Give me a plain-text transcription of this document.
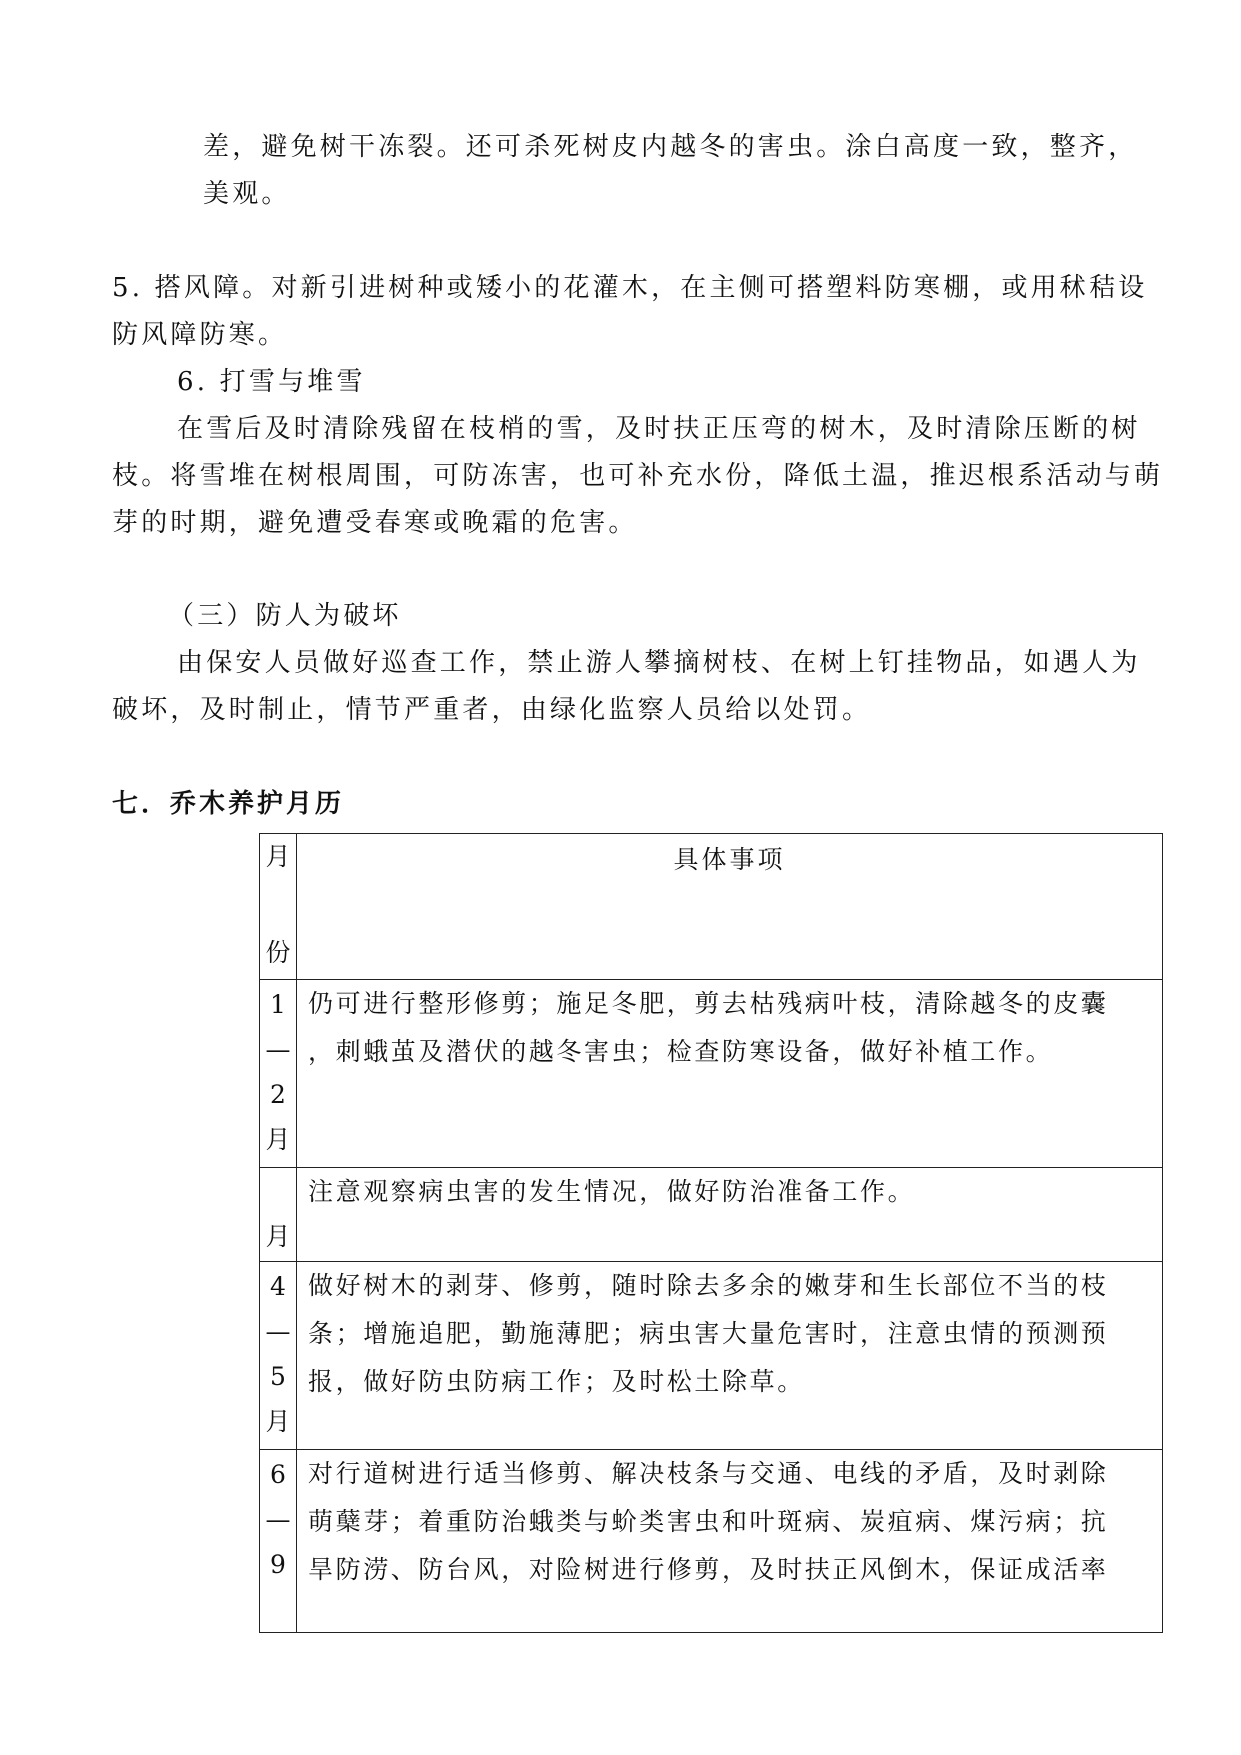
差，避免树干冻裂。还可杀死树皮内越冬的害虫。涂白高度一致，整齐，
美观。
5. 搭风障。对新引进树种或矮小的花灌木，在主侧可搭塑料防寒棚，或用秫秸设
防风障防寒。
6. 打雪与堆雪
在雪后及时清除残留在枝梢的雪，及时扶正压弯的树木，及时清除压断的树
枝。将雪堆在树根周围，可防冻害，也可补充水份，降低土温，推迟根系活动与萌
芽的时期，避免遭受春寒或晚霜的危害。
（三）防人为破坏
由保安人员做好巡查工作，禁止游人攀摘树枝、在树上钉挂物品，如遇人为
破坏，及时制止，情节严重者，由绿化监察人员给以处罚。
七．乔木养护月历
月
份
具体事项
1
—
2
月
仍可进行整形修剪；施足冬肥，剪去枯残病叶枝，清除越冬的皮囊
，刺蛾茧及潜伏的越冬害虫；检查防寒设备，做好补植工作。
月
注意观察病虫害的发生情况，做好防治准备工作。
4
—
5
月
做好树木的剥芽、修剪，随时除去多余的嫩芽和生长部位不当的枝
条；增施追肥，勤施薄肥；病虫害大量危害时，注意虫情的预测预
报，做好防虫防病工作；及时松土除草。
6
—
9
对行道树进行适当修剪、解决枝条与交通、电线的矛盾，及时剥除
萌蘖芽；着重防治蛾类与蚧类害虫和叶斑病、炭疽病、煤污病；抗
旱防涝、防台风，对险树进行修剪，及时扶正风倒木，保证成活率
